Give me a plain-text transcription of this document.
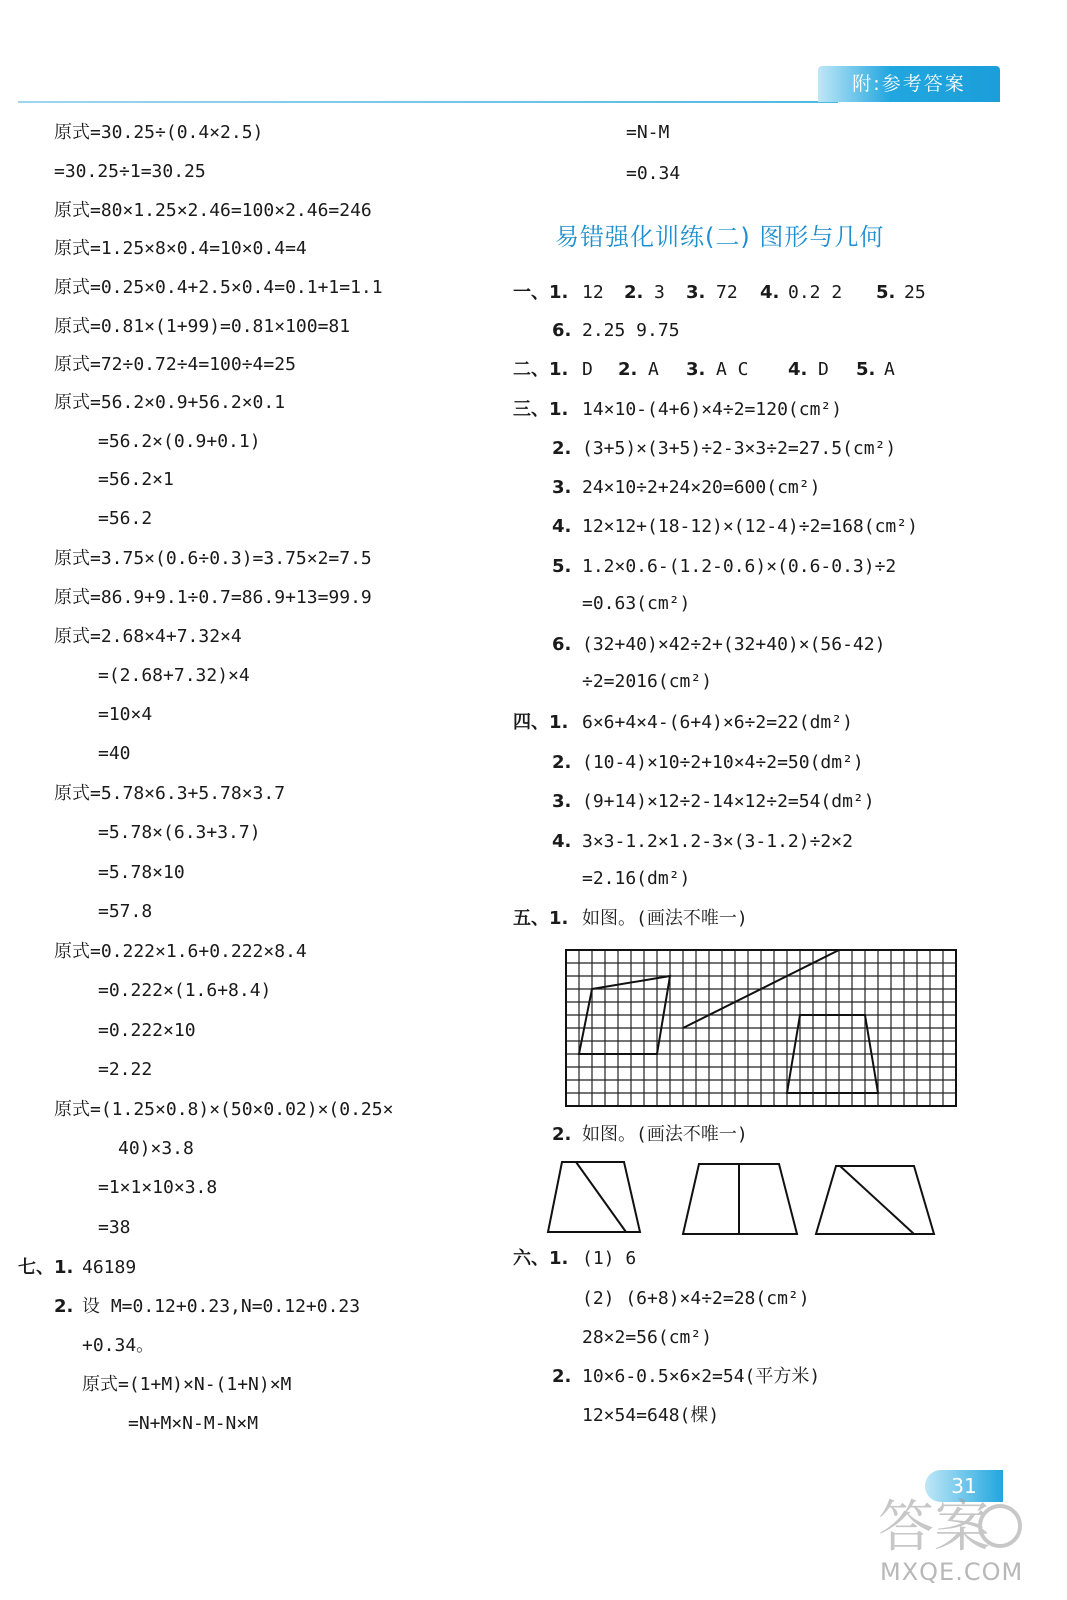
附:参考答案
原式=30.25÷(0.4×2.5)
=30.25÷1=30.25
原式=80×1.25×2.46=100×2.46=246
原式=1.25×8×0.4=10×0.4=4
原式=0.25×0.4+2.5×0.4=0.1+1=1.1
原式=0.81×(1+99)=0.81×100=81
原式=72÷0.72÷4=100÷4=25
原式=56.2×0.9+56.2×0.1
=56.2×(0.9+0.1)
=56.2×1
=56.2
原式=3.75×(0.6÷0.3)=3.75×2=7.5
原式=86.9+9.1÷0.7=86.9+13=99.9
原式=2.68×4+7.32×4
=(2.68+7.32)×4
=10×4
=40
原式=5.78×6.3+5.78×3.7
=5.78×(6.3+3.7)
=5.78×10
=57.8
原式=0.222×1.6+0.222×8.4
=0.222×(1.6+8.4)
=0.222×10
=2.22
原式=(1.25×0.8)×(50×0.02)×(0.25×
40)×3.8
=1×1×10×3.8
=38
七、1. 46189
2. 设 M=0.12+0.23,N=0.12+0.23
+0.34。
原式=(1+M)×N-(1+N)×M
=N+M×N-M-N×M
=N-M
=0.34
易错强化训练(二) 图形与几何
一、1. 12 2. 3 3. 72 4. 0.2 2 5. 25
6. 2.25 9.75
二、1. D 2. A 3. A C 4. D 5. A
三、1. 14×10-(4+6)×4÷2=120(cm²)
2. (3+5)×(3+5)÷2-3×3÷2=27.5(cm²)
3. 24×10÷2+24×20=600(cm²)
4. 12×12+(18-12)×(12-4)÷2=168(cm²)
5. 1.2×0.6-(1.2-0.6)×(0.6-0.3)÷2
=0.63(cm²)
6. (32+40)×42÷2+(32+40)×(56-42)
÷2=2016(cm²)
四、1. 6×6+4×4-(6+4)×6÷2=22(dm²)
2. (10-4)×10÷2+10×4÷2=50(dm²)
3. (9+14)×12÷2-14×12÷2=54(dm²)
4. 3×3-1.2×1.2-3×(3-1.2)÷2×2
=2.16(dm²)
五、1. 如图。(画法不唯一)
2. 如图。(画法不唯一)
六、1. (1) 6
(2) (6+8)×4÷2=28(cm²)
28×2=56(cm²)
2. 10×6-0.5×6×2=54(平方米)
12×54=648(棵)
31
答案
MXQE.COM
